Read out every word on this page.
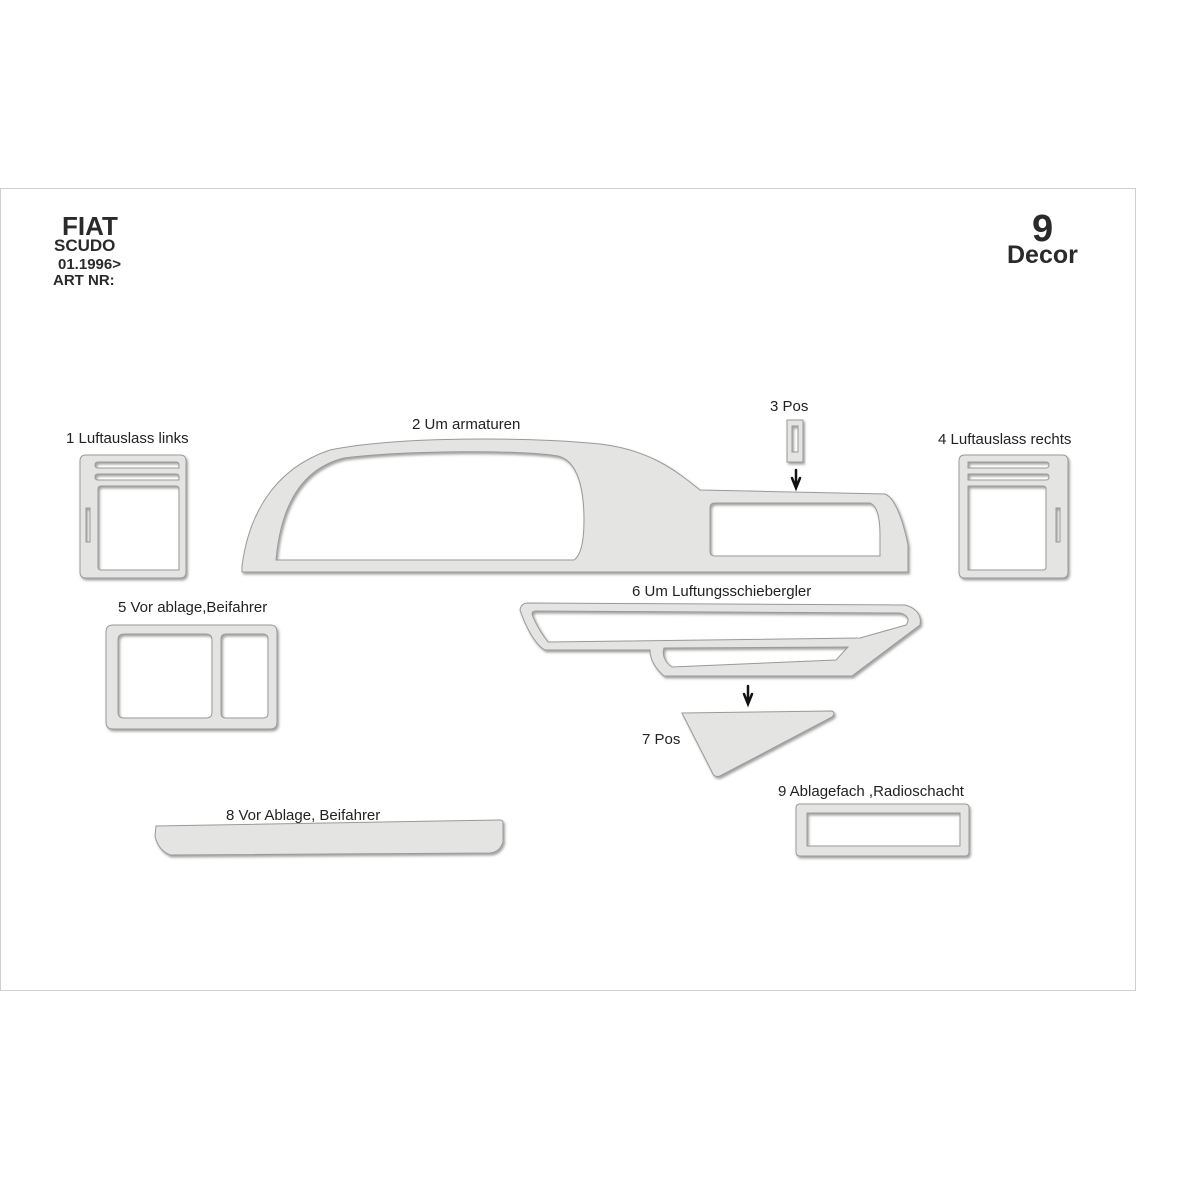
FIAT
SCUDO
01.1996>
ART NR:
9
Decor
1 Luftauslass links
2 Um armaturen
3 Pos
4 Luftauslass rechts
5 Vor ablage,Beifahrer
6 Um Luftungsschiebergler
7 Pos
8 Vor Ablage, Beifahrer
9 Ablagefach ,Radioschacht
